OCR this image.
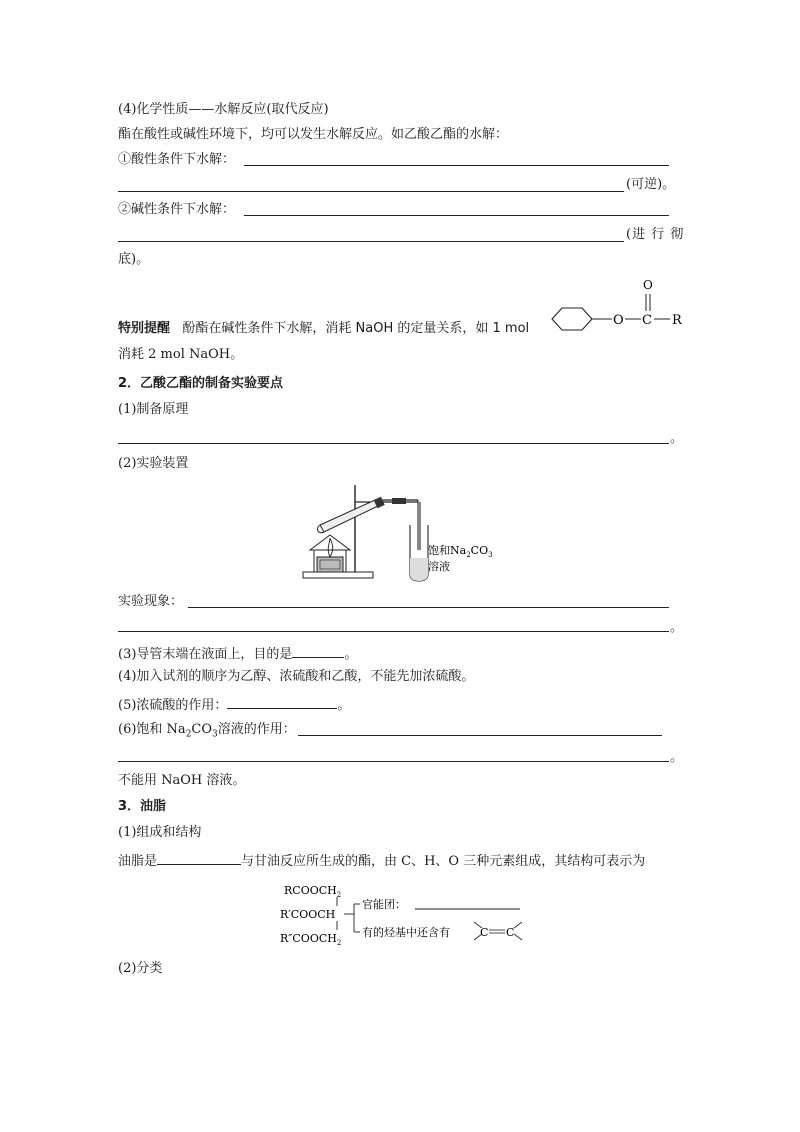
(4)化学性质——水解反应(取代反应)
酯在酸性或碱性环境下，均可以发生水解反应。如乙酸乙酯的水解：
①酸性条件下水解：
(可逆)。
②碱性条件下水解：
(进 行 彻
底)。
特别提醒 酚酯在碱性条件下水解，消耗 NaOH 的定量关系，如 1 mol
O C
O
R
消耗 2 mol NaOH。
2．乙酸乙酯的制备实验要点
(1)制备原理
。
(2)实验装置
饱和$Na_2CO_3$
溶液
实验现象：
。
(3)导管末端在液面上，目的是	。
(4)加入试剂的顺序为乙醇、浓硫酸和乙酸，不能先加浓硫酸。
(5)浓硫酸的作用：	。
(6)饱和 $Na_2CO_3$溶液的作用：
。
不能用 NaOH 溶液。
3．油脂
(1)组成和结构
油脂是	与甘油反应所生成的酯，由 C、H、O 三种元素组成，其结构可表示为
$RCOOCH_2$
R′COOCH
$R''COOCH_2$
官能团：
有的烃基中还含有	C C
(2)分类
